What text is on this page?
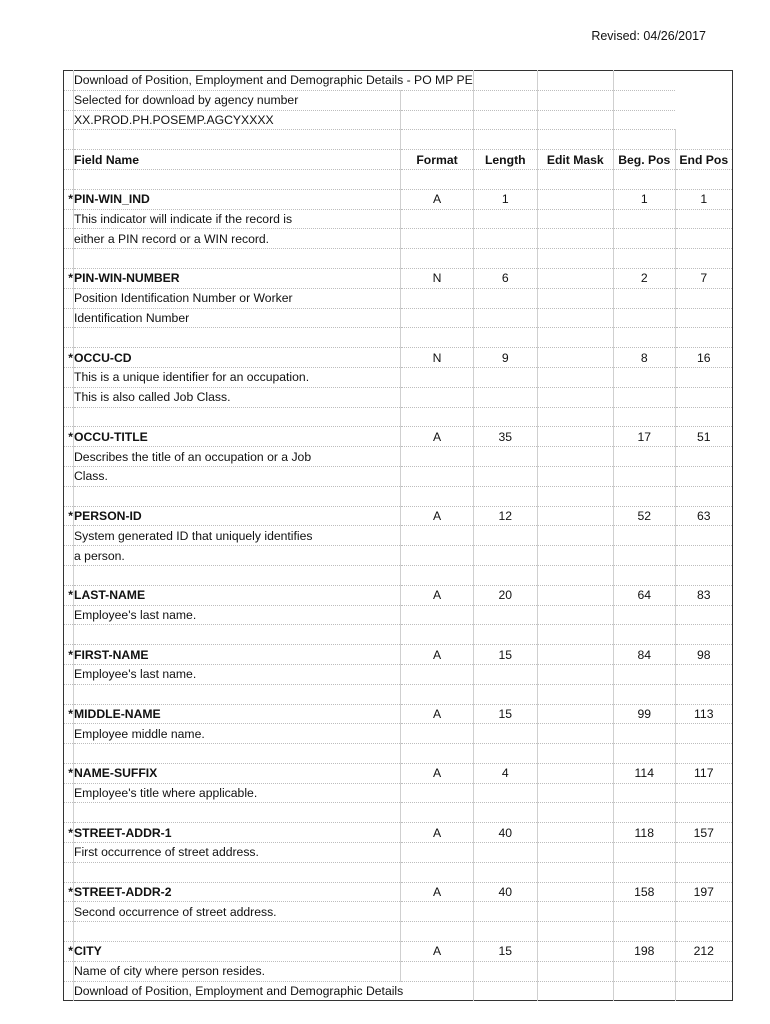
Revised: 04/26/2017
	Download of Position, Employment and Demographic Details - PO MP PE					
	Selected for download by agency number					
	XX.PROD.PH.POSEMP.AGCYXXXX					

	Field Name	Format	Length	Edit Mask	Beg. Pos	End Pos

*	PIN-WIN_IND	A	1		1	1
	This indicator will indicate if the record is					
	either a PIN record or a WIN record.					

*	PIN-WIN-NUMBER	N	6		2	7
	Position Identification Number or Worker					
	Identification Number					

*	OCCU-CD	N	9		8	16
	This is a unique identifier for an occupation.					
	This is also called Job Class.					

*	OCCU-TITLE	A	35		17	51
	Describes the title of an occupation or a Job					
	Class.					

*	PERSON-ID	A	12		52	63
	System generated ID that uniquely identifies					
	a person.					

*	LAST-NAME	A	20		64	83
	Employee's last name.					

*	FIRST-NAME	A	15		84	98
	Employee's last name.					

*	MIDDLE-NAME	A	15		99	113
	Employee middle name.					

*	NAME-SUFFIX	A	4		114	117
	Employee's title where applicable.					

*	STREET-ADDR-1	A	40		118	157
	First occurrence of street address.					

*	STREET-ADDR-2	A	40		158	197
	Second occurrence of street address.					

*	CITY	A	15		198	212
	Name of city where person resides.					
	Download of Position, Employment and Demographic Details					
